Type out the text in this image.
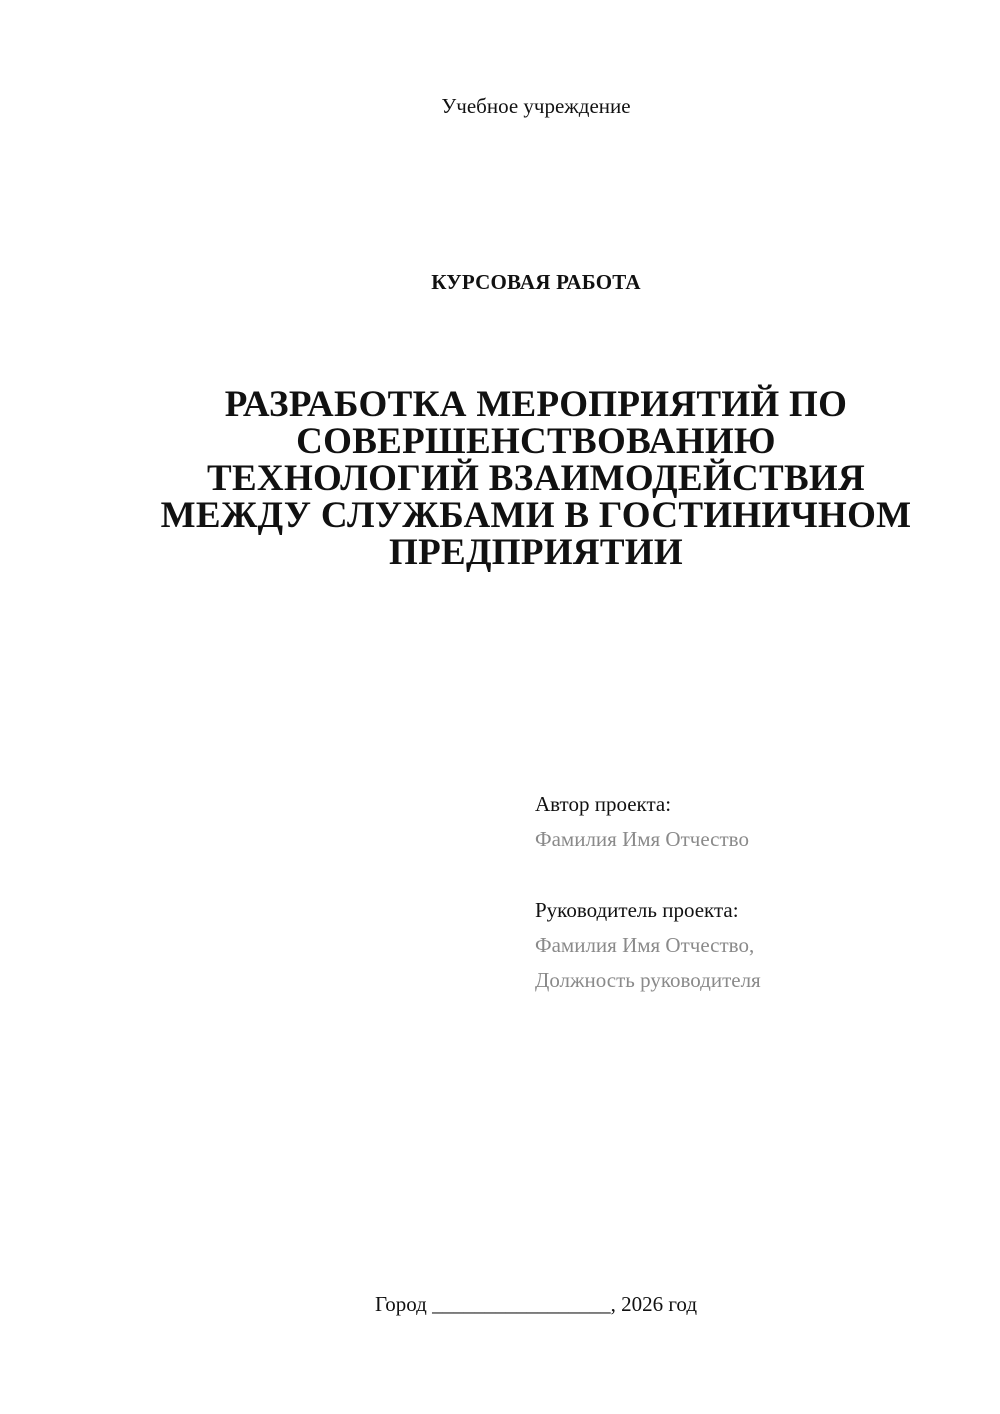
Учебное учреждение
КУРСОВАЯ РАБОТА
РАЗРАБОТКА МЕРОПРИЯТИЙ ПО
СОВЕРШЕНСТВОВАНИЮ
ТЕХНОЛОГИЙ ВЗАИМОДЕЙСТВИЯ
МЕЖДУ СЛУЖБАМИ В ГОСТИНИЧНОМ
ПРЕДПРИЯТИИ
Автор проекта:
Фамилия Имя Отчество
Руководитель проекта:
Фамилия Имя Отчество,
Должность руководителя
Город _________________, 2026 год
